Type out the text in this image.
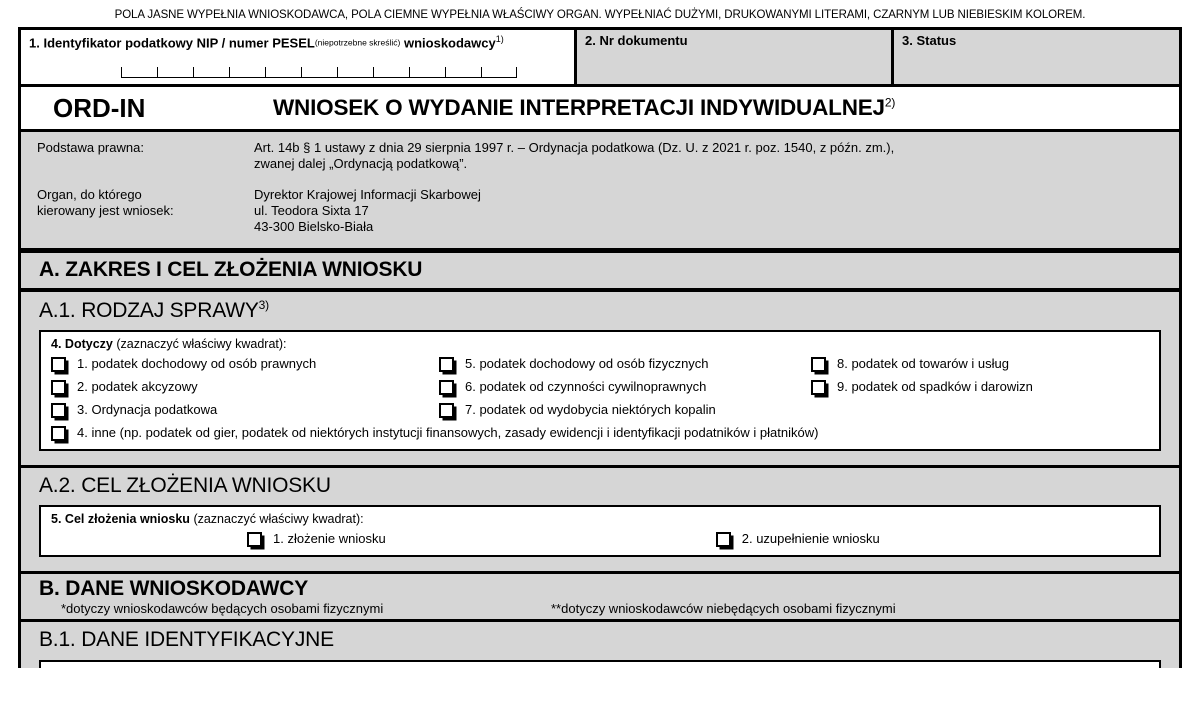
POLA JASNE WYPEŁNIA WNIOSKODAWCA, POLA CIEMNE WYPEŁNIA WŁAŚCIWY ORGAN. WYPEŁNIAĆ DUŻYMI, DRUKOWANYMI LITERAMI, CZARNYM LUB NIEBIESKIM KOLOREM.
1. Identyfikator podatkowy NIP / numer PESEL(niepotrzebne skreślić) wnioskodawcy$^{1)}$	2. Nr dokumentu	3. Status
ORD-IN	WNIOSEK O WYDANIE INTERPRETACJI INDYWIDUALNEJ$^{2)}$
Podstawa prawna:	Art. 14b § 1 ustawy z dnia 29 sierpnia 1997 r. – Ordynacja podatkowa (Dz. U. z 2021 r. poz. 1540, z późn. zm.),
zwanej dalej „Ordynacją podatkową”.
Organ, do którego
kierowany jest wniosek:
Dyrektor Krajowej Informacji Skarbowej
ul. Teodora Sixta 17
43-300 Bielsko-Biała
A. ZAKRES I CEL ZŁOŻENIA WNIOSKU
A.1. RODZAJ SPRAWY$^{3)}$
4. Dotyczy (zaznaczyć właściwy kwadrat):
1. podatek dochodowy od osób prawnych
2. podatek akcyzowy
3. Ordynacja podatkowa
5. podatek dochodowy od osób fizycznych
6. podatek od czynności cywilnoprawnych
7. podatek od wydobycia niektórych kopalin
8. podatek od towarów i usług
9. podatek od spadków i darowizn
4. inne (np. podatek od gier, podatek od niektórych instytucji finansowych, zasady ewidencji i identyfikacji podatników i płatników)
A.2. CEL ZŁOŻENIA WNIOSKU
5. Cel złożenia wniosku (zaznaczyć właściwy kwadrat):
1. złożenie wniosku	2. uzupełnienie wniosku
B. DANE WNIOSKODAWCY
*dotyczy wnioskodawców będących osobami fizycznymi	**dotyczy wnioskodawców niebędących osobami fizycznymi
B.1. DANE IDENTYFIKACYJNE
